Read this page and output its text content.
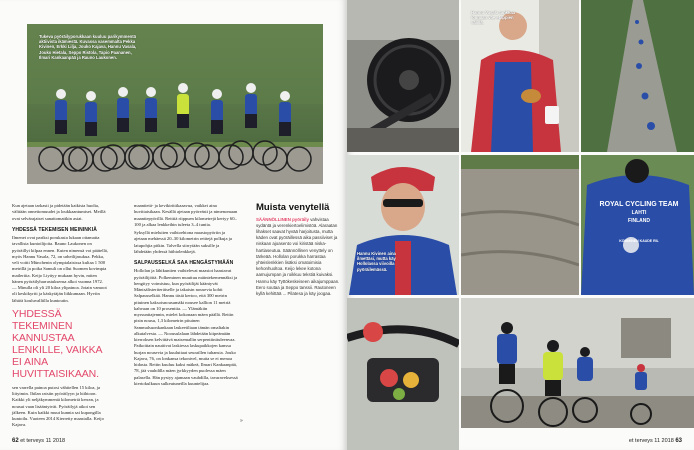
Tukeva pyöräilyporukkaan kuuluu parikymmentä aktiivista ikämiestä. Kuvassa vasemmalta Pekka Kivinen, Erkki Lilja, Jouko Kajava, Hannu Vasala, Jouko Hietala, Seppo Ristola, Tapio Paananen, Ilmari Kankaanpää ja Rauno Laukonen.

Kun ajetaan tarkasti ja pidetään kaikista huolta, välttään onnettomuudet ja loukkaantumiset. Meillä ovat selvärajaiset sanattomattkin asiat.

YHDESSÄ TEKEMISEN MEININKIÄ

Ilmenet ovat pariksi porukasta lukaan ottamatta tavallisia kuntoilijoita. Rauno Laukonen on pyöräillyt kilpaa ennen. Kuten nimensä voi päätellä, myös Hannu Vasala, 72, on urheilijasukua. Pekka, veli voitti Münchenin olympialaisissa kultaa 1 500 metrillä ja poika Samuli on ollut Suomen kovimpia maileriita. Keijo Liyttyy mukaan hyvin, miten hänen pyöräilyharrastuksensa alkoi vuonna 1972. — Minulla oli yli 20 kiloa ylipainoa. Jotain vamoot oli keskikyrtti ja käskytäjän liikkumaan. Hyviin lähtöä kouluvalliilla kuntoutin.

YHDESSÄ TEKEMINEN KANNUSTAA LENKILLE, VAIKKA EI AINA HUVITTAISIKAAN.

sen varrella painoa putosi vähitellen 15 kiloa, ja liityimin. Ihilan ratsiin pyöräilyyn ja hiihtoon. Kaikki yli neljäkymmentä kilometriä kerran, ja nousut vaan lisääntyivät. Pyöräilyjä aikoi sen jälkeen. Kuin kaikki muut kunnia sai kupongilla kuntoilu. Vuoteen 2014 Kierretty maastalla. Keijo Kajava.

maantietä- ja kevikirittikaaavua, vaikkei aina huvittaisikaan. Kesällä ajetaan pyöreästi ja nimenomaan maantiepyörillä. Reittiä riippuen kilometrejä kertyy 60–100 ja alkaa lenkkeihin tuleeta 3–4 tuntia.

Syksyllä mieluiten vaihtoehtona maastopyöriin ja ajetaan mehäessä 20–30 kilometrin reittejä polkuja ja latupohjia pitkin. Talvella siirrytään suksille ja lähdetään yhdessä hiihtolenkkejä.

SALPAUSSELKÄ SAA HENGÄSTYMÄÄN

Hollolan ja lähikuntien vaihtelevat maastot haastavat pyöräilijöitä. Polkeminen muuttuu mäintekemennäksi ja hengityy voimistuu, kun pyöräilijät kääntyvät Mäntsälisteriteräiselle ja takaisin nousevia kohti Salpausselkää. Hannu täsiä kertoo, että 300 metrin pituinen kaksoisnousumäki nousee kallion 11 metriä kahvaan on 10 prosenttia. — Ylämäkiin myrsunttajennin, mielet kokonaan mäen päällä. Reitin pisin nousu, 1,3 kilometrin pituinen Sammalsuonkankaan laskeetiliaan tämän omaltakin alkutalvesta. — Noousulalaan lähdetään kiipeämään kierroksen kelvittävä maisemallin serpentiinituleenvaa. Paikoittain nauttivat laskiessa laskupaikkojen kanssa hurjan nousevia ja kuuluttaat seuraillen tuhansia. Jouko Kajava, 76, on lonkansa tekonivel, mutta se ei menoa hidasta. Reitin kuuluu kaksi mäkeä, Ilmari Kankaanpää, 78, jää vauhdilla mäen jyrkkyyden puolessa mäen palasella. Hän pystyy ajamaan vauhdilla, tavaraveksessä kiertokulkuun sulkeutuneilla kuuntelijaa.

Muista venytellä
SÄÄNNÖLLINEN pyöräily vahvistaa sydäntä ja verenkiertoelimistöä. Alaraatan lihakset saavat hyvää harjoitusta, mutta käden ovat pyöräillessä aika passiiviset ja niskaan ajoasento voi kiristää niska-hartiaseutua. Säännöllinen venyttely on tärkeää. Hollolan porukka harrastaa yhteislenkkien lisäksi omatoimisia kehonhuoltoa. Keijo lekee kotona aamujumpan ja roikkuu tekstiä kuivaksi. Hannu käy Tyttökeskeiseen aikajumppaan. Eero soutaa ja Seppo tanssii. Rautoneen kyllä kehittää ... Pilatesa ja käy joogaa.
»
62 et terveys 11 2018
Hannu Vasala tankkaa lounaan väe etappien välillä.
Hannu Kivinen aina ilmettäsi, mutta käy Hollolassa viivoilla pyöräilemässä.
ROYAL CYCLING TEAM
LAHTI
FINLAND
KOMMINEN KAUDE RIL
et terveys 11 2018 63
